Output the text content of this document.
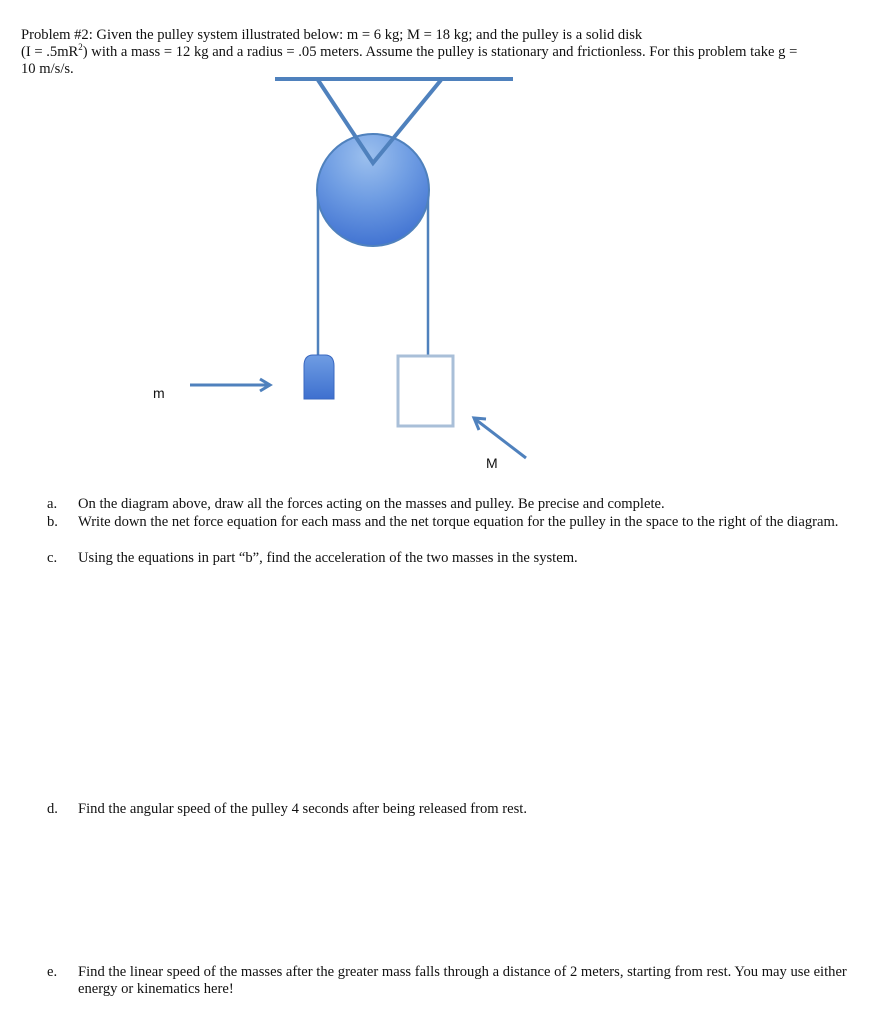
Problem #2: Given the pulley system illustrated below: m = 6 kg; M = 18 kg; and the pulley is a solid disk

$(I = .5mR^2)$ with a mass = 12 kg and a radius = .05 meters. Assume the pulley is stationary and frictionless. For this problem take g =

10 m/s/s.

m
M
a.	On the diagram above, draw all the forces acting on the masses and pulley. Be precise and complete.
b.	Write down the net force equation for each mass and the net torque equation for the pulley in the space to the right of the diagram.
c.	Using the equations in part “b”, find the acceleration of the two masses in the system.
d.	Find the angular speed of the pulley 4 seconds after being released from rest.
e.	Find the linear speed of the masses after the greater mass falls through a distance of 2 meters, starting from rest. You may use either energy or kinematics here!
